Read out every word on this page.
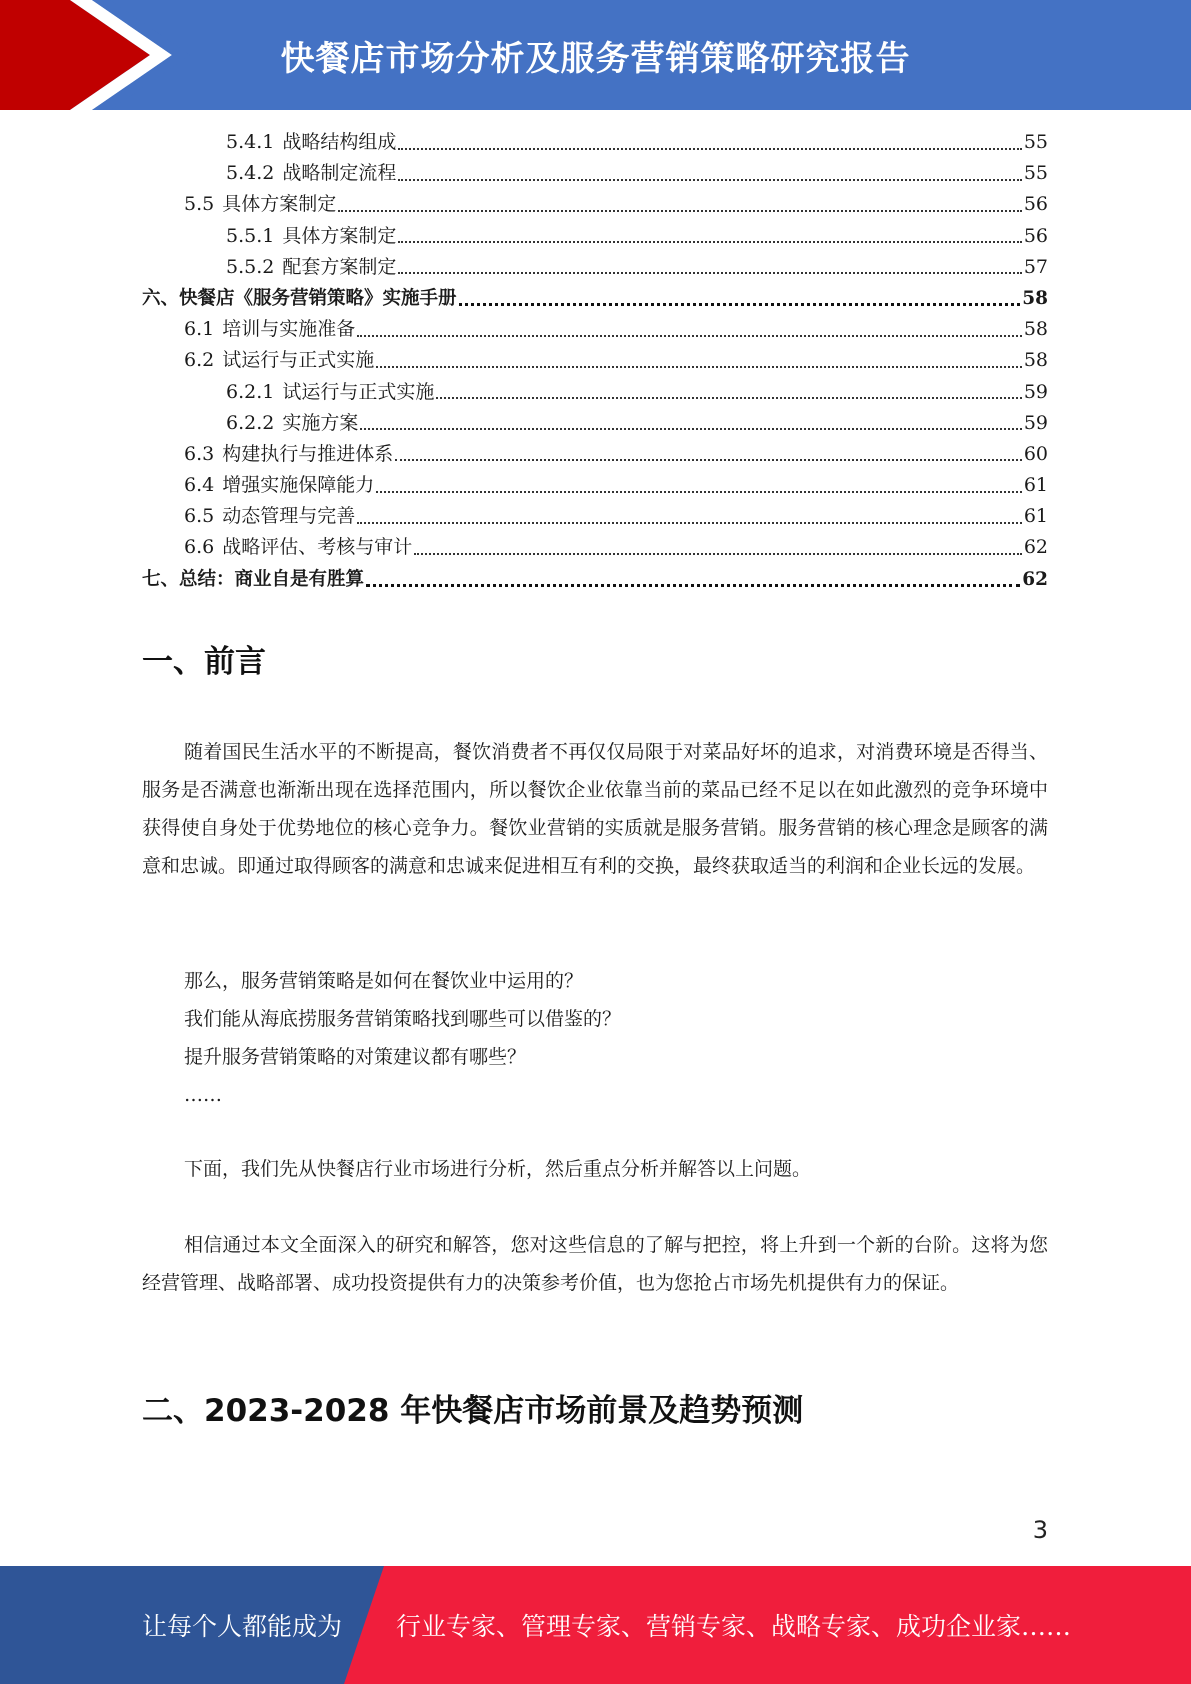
快餐店市场分析及服务营销策略研究报告
5.4.1 战略结构组成	55
5.4.2 战略制定流程	55
5.5 具体方案制定	56
5.5.1 具体方案制定	56
5.5.2 配套方案制定	57
六、 快餐店《服务营销策略》实施手册	58
6.1 培训与实施准备	58
6.2 试运行与正式实施	58
6.2.1 试运行与正式实施	59
6.2.2 实施方案	59
6.3 构建执行与推进体系	60
6.4 增强实施保障能力	61
6.5 动态管理与完善	61
6.6 战略评估、考核与审计	62
七、 总结：商业自是有胜算	62
一、前言

随着国民生活水平的不断提高，餐饮消费者不再仅仅局限于对菜品好坏的追求，对消费环境是否得当、服务是否满意也渐渐出现在选择范围内，所以餐饮企业依靠当前的菜品已经不足以在如此激烈的竞争环境中获得使自身处于优势地位的核心竞争力。餐饮业营销的实质就是服务营销。服务营销的核心理念是顾客的满意和忠诚。即通过取得顾客的满意和忠诚来促进相互有利的交换，最终获取适当的利润和企业长远的发展。

那么，服务营销策略是如何在餐饮业中运用的？
我们能从海底捞服务营销策略找到哪些可以借鉴的？
提升服务营销策略的对策建议都有哪些？
……

下面，我们先从快餐店行业市场进行分析，然后重点分析并解答以上问题。

相信通过本文全面深入的研究和解答，您对这些信息的了解与把控，将上升到一个新的台阶。这将为您经营管理、战略部署、成功投资提供有力的决策参考价值，也为您抢占市场先机提供有力的保证。

二、2023-2028 年快餐店市场前景及趋势预测
3
让每个人都能成为 行业专家、管理专家、营销专家、战略专家、成功企业家……
